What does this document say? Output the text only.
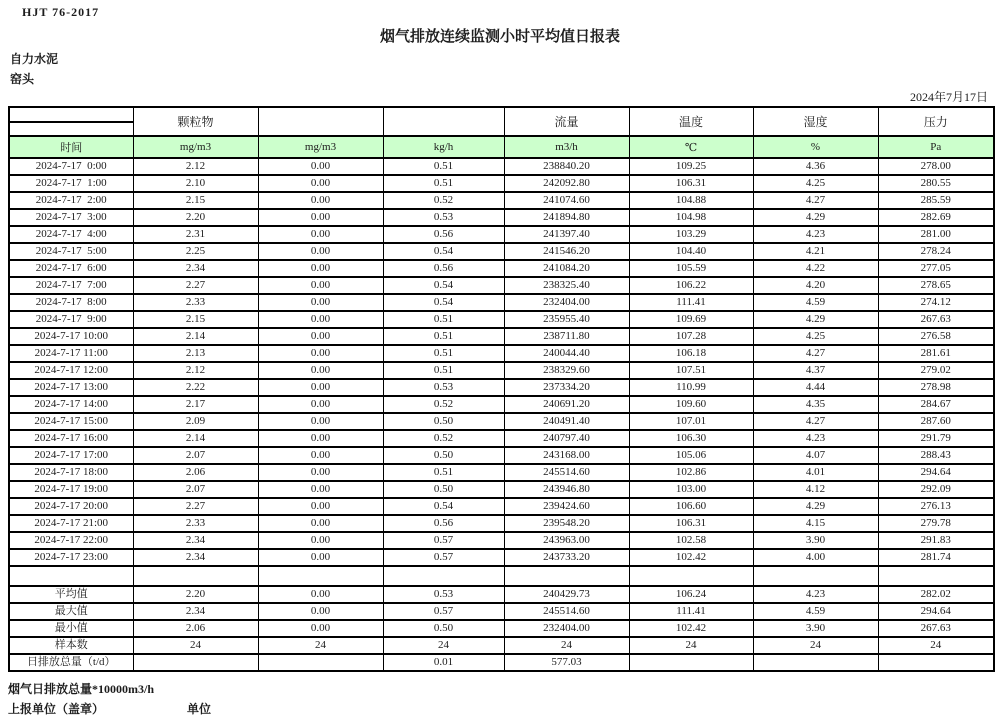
HJT 76-2017
烟气排放连续监测小时平均值日报表
自力水泥
窑头
2024年7月17日
	颗粒物			流量	温度	湿度	压力

时间	mg/m3	mg/m3	kg/h	m3/h	℃	%	Pa
2024-7-17  0:00	2.12	0.00	0.51	238840.20	109.25	4.36	278.00
2024-7-17  1:00	2.10	0.00	0.51	242092.80	106.31	4.25	280.55
2024-7-17  2:00	2.15	0.00	0.52	241074.60	104.88	4.27	285.59
2024-7-17  3:00	2.20	0.00	0.53	241894.80	104.98	4.29	282.69
2024-7-17  4:00	2.31	0.00	0.56	241397.40	103.29	4.23	281.00
2024-7-17  5:00	2.25	0.00	0.54	241546.20	104.40	4.21	278.24
2024-7-17  6:00	2.34	0.00	0.56	241084.20	105.59	4.22	277.05
2024-7-17  7:00	2.27	0.00	0.54	238325.40	106.22	4.20	278.65
2024-7-17  8:00	2.33	0.00	0.54	232404.00	111.41	4.59	274.12
2024-7-17  9:00	2.15	0.00	0.51	235955.40	109.69	4.29	267.63
2024-7-17 10:00	2.14	0.00	0.51	238711.80	107.28	4.25	276.58
2024-7-17 11:00	2.13	0.00	0.51	240044.40	106.18	4.27	281.61
2024-7-17 12:00	2.12	0.00	0.51	238329.60	107.51	4.37	279.02
2024-7-17 13:00	2.22	0.00	0.53	237334.20	110.99	4.44	278.98
2024-7-17 14:00	2.17	0.00	0.52	240691.20	109.60	4.35	284.67
2024-7-17 15:00	2.09	0.00	0.50	240491.40	107.01	4.27	287.60
2024-7-17 16:00	2.14	0.00	0.52	240797.40	106.30	4.23	291.79
2024-7-17 17:00	2.07	0.00	0.50	243168.00	105.06	4.07	288.43
2024-7-17 18:00	2.06	0.00	0.51	245514.60	102.86	4.01	294.64
2024-7-17 19:00	2.07	0.00	0.50	243946.80	103.00	4.12	292.09
2024-7-17 20:00	2.27	0.00	0.54	239424.60	106.60	4.29	276.13
2024-7-17 21:00	2.33	0.00	0.56	239548.20	106.31	4.15	279.78
2024-7-17 22:00	2.34	0.00	0.57	243963.00	102.58	3.90	291.83
2024-7-17 23:00	2.34	0.00	0.57	243733.20	102.42	4.00	281.74

平均值	2.20	0.00	0.53	240429.73	106.24	4.23	282.02
最大值	2.34	0.00	0.57	245514.60	111.41	4.59	294.64
最小值	2.06	0.00	0.50	232404.00	102.42	3.90	267.63
样本数	24	24	24	24	24	24	24
日排放总量（t/d）			0.01	577.03			
烟气日排放总量*10000m3/h
上报单位（盖章）	单位
